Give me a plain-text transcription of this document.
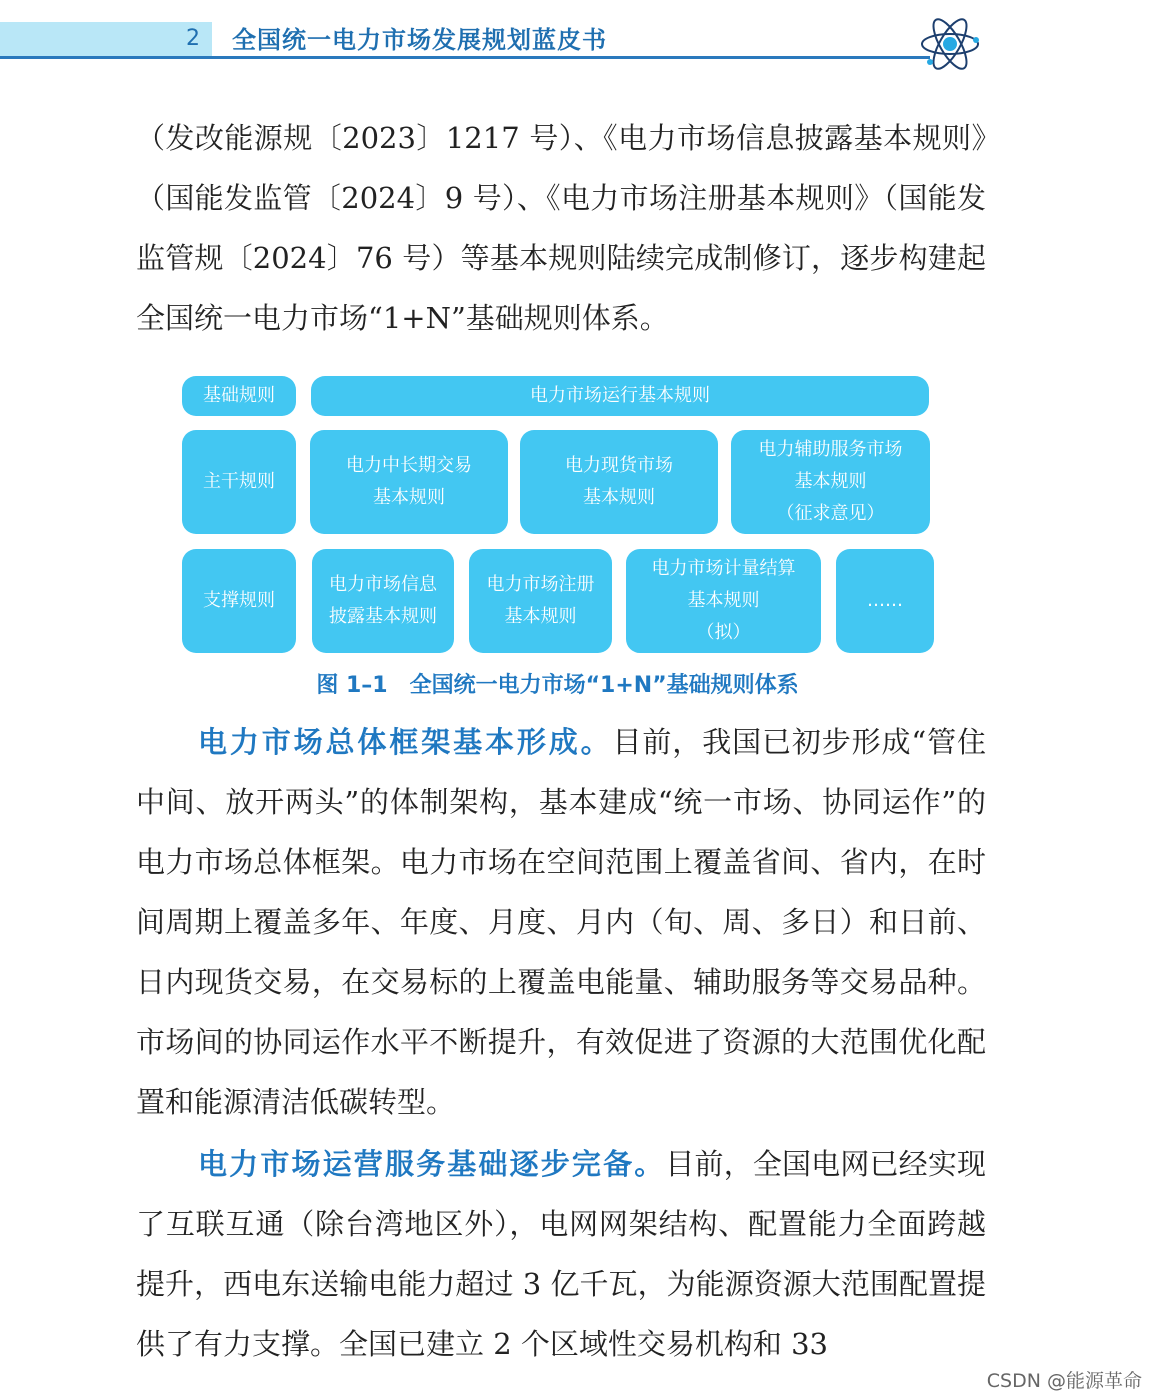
2 全国统一电力市场发展规划蓝皮书
（发改能源规〔2023〕1217 号）、《电力市场信息披露基本规则》（国能发监管〔2024〕9 号）、《电力市场注册基本规则》（国能发监管规〔2024〕76 号）等基本规则陆续完成制修订，逐步构建起全国统一电力市场“1+N”基础规则体系。
基础规则	电力市场运行基本规则
主干规则
电力中长期交易
基本规则
电力现货市场
基本规则
电力辅助服务市场
基本规则
（征求意见）
支撑规则
电力市场信息
披露基本规则
电力市场注册
基本规则
电力市场计量结算
基本规则
（拟）
……
图 1–1　全国统一电力市场“1+N”基础规则体系
电力市场总体框架基本形成。目前，我国已初步形成“管住中间、放开两头”的体制架构，基本建成“统一市场、协同运作”的电力市场总体框架。电力市场在空间范围上覆盖省间、省内，在时间周期上覆盖多年、年度、月度、月内（旬、周、多日）和日前、日内现货交易，在交易标的上覆盖电能量、辅助服务等交易品种。市场间的协同运作水平不断提升，有效促进了资源的大范围优化配置和能源清洁低碳转型。
电力市场运营服务基础逐步完备。目前，全国电网已经实现了互联互通（除台湾地区外），电网网架结构、配置能力全面跨越提升，西电东送输电能力超过 3 亿千瓦，为能源资源大范围配置提供了有力支撑。全国已建立 2 个区域性交易机构和 33
CSDN @能源革命
